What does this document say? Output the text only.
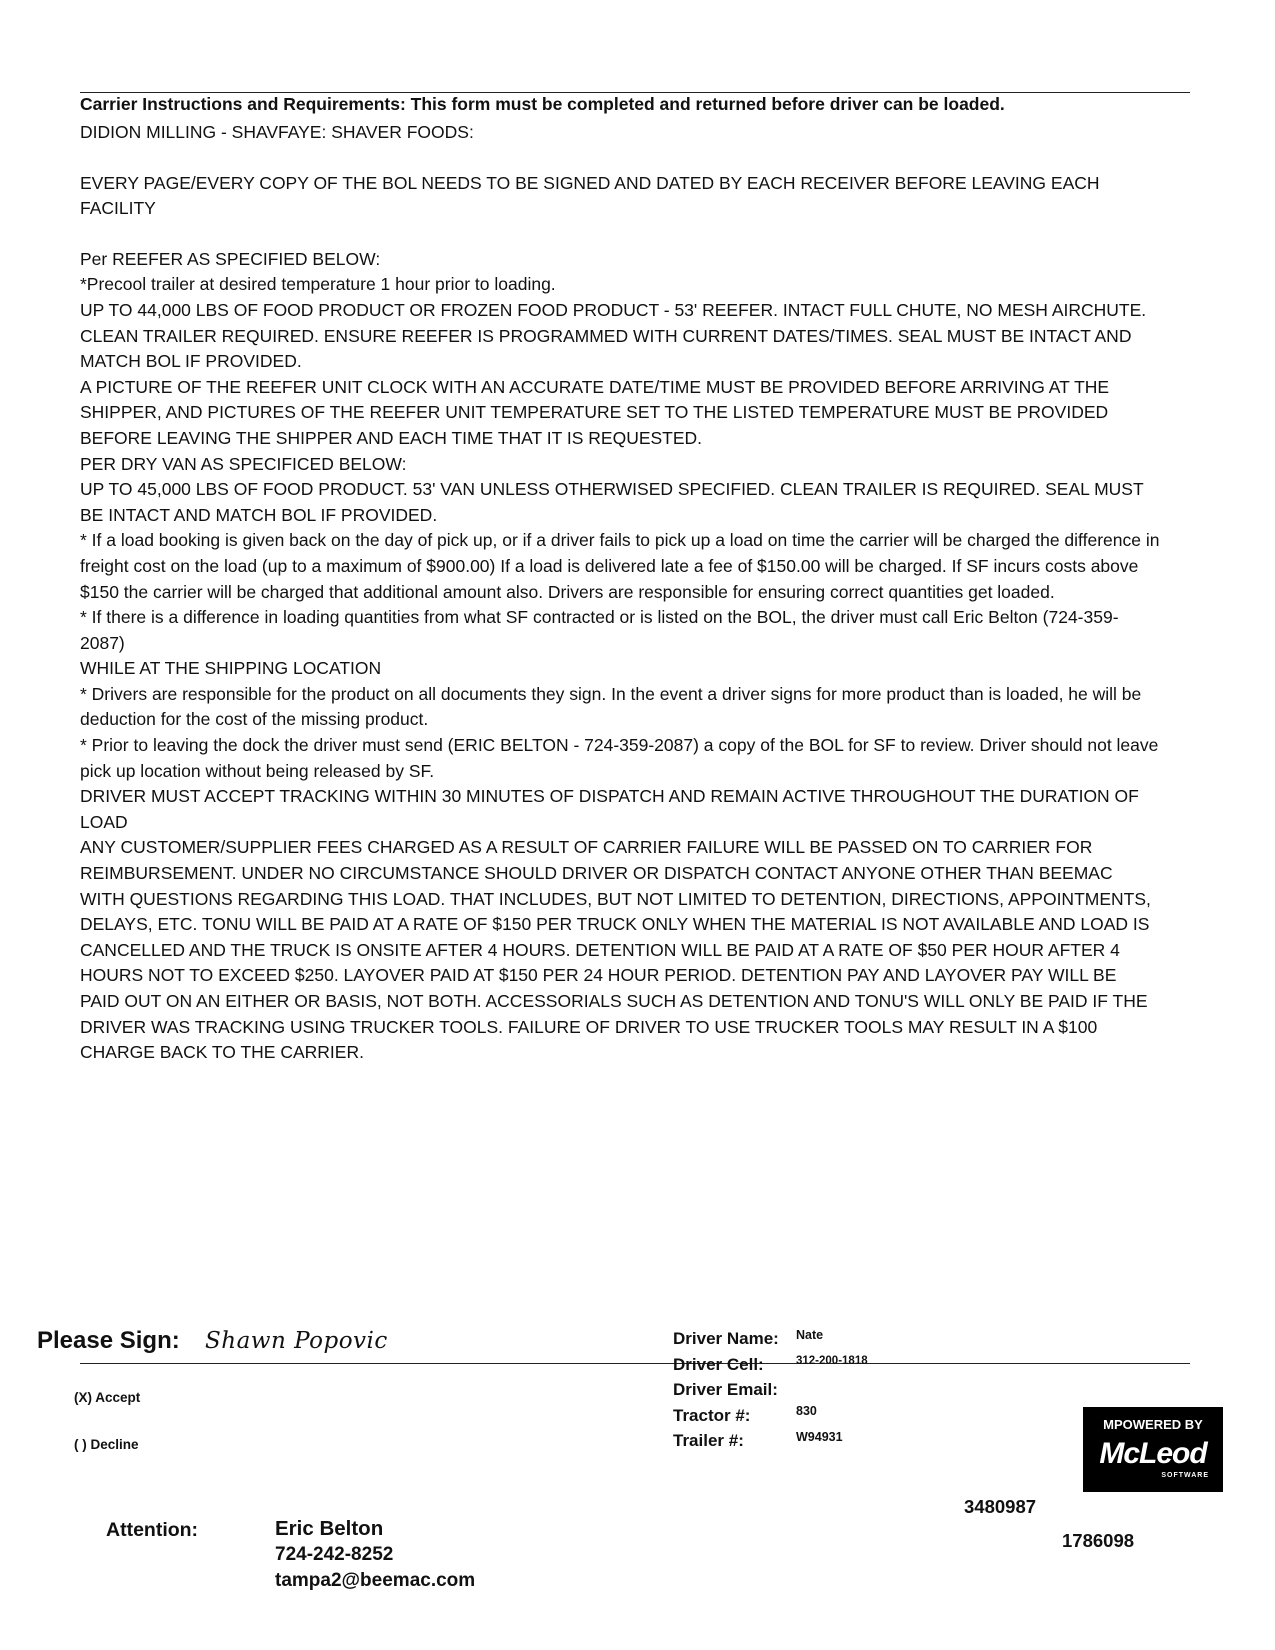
Carrier Instructions and Requirements: This form must be completed and returned before driver can be loaded.

DIDION MILLING - SHAVFAYE: SHAVER FOODS:

EVERY PAGE/EVERY COPY OF THE BOL NEEDS TO BE SIGNED AND DATED BY EACH RECEIVER BEFORE LEAVING EACH FACILITY

Per REEFER AS SPECIFIED BELOW:

*Precool trailer at desired temperature 1 hour prior to loading.

UP TO 44,000 LBS OF FOOD PRODUCT OR FROZEN FOOD PRODUCT - 53' REEFER. INTACT FULL CHUTE, NO MESH AIRCHUTE. CLEAN TRAILER REQUIRED. ENSURE REEFER IS PROGRAMMED WITH CURRENT DATES/TIMES. SEAL MUST BE INTACT AND MATCH BOL IF PROVIDED.

A PICTURE OF THE REEFER UNIT CLOCK WITH AN ACCURATE DATE/TIME MUST BE PROVIDED BEFORE ARRIVING AT THE SHIPPER, AND PICTURES OF THE REEFER UNIT TEMPERATURE SET TO THE LISTED TEMPERATURE MUST BE PROVIDED BEFORE LEAVING THE SHIPPER AND EACH TIME THAT IT IS REQUESTED.

PER DRY VAN AS SPECIFICED BELOW:

UP TO 45,000 LBS OF FOOD PRODUCT. 53' VAN UNLESS OTHERWISED SPECIFIED. CLEAN TRAILER IS REQUIRED. SEAL MUST BE INTACT AND MATCH BOL IF PROVIDED.

* If a load booking is given back on the day of pick up, or if a driver fails to pick up a load on time the carrier will be charged the difference in freight cost on the load (up to a maximum of $900.00) If a load is delivered late a fee of $150.00 will be charged. If SF incurs costs above $150 the carrier will be charged that additional amount also. Drivers are responsible for ensuring correct quantities get loaded.

* If there is a difference in loading quantities from what SF contracted or is listed on the BOL, the driver must call Eric Belton (724-359-2087)

WHILE AT THE SHIPPING LOCATION

* Drivers are responsible for the product on all documents they sign. In the event a driver signs for more product than is loaded, he will be deduction for the cost of the missing product.

* Prior to leaving the dock the driver must send (ERIC BELTON - 724-359-2087) a copy of the BOL for SF to review. Driver should not leave pick up location without being released by SF.

DRIVER MUST ACCEPT TRACKING WITHIN 30 MINUTES OF DISPATCH AND REMAIN ACTIVE THROUGHOUT THE DURATION OF LOAD

ANY CUSTOMER/SUPPLIER FEES CHARGED AS A RESULT OF CARRIER FAILURE WILL BE PASSED ON TO CARRIER FOR REIMBURSEMENT. UNDER NO CIRCUMSTANCE SHOULD DRIVER OR DISPATCH CONTACT ANYONE OTHER THAN BEEMAC WITH QUESTIONS REGARDING THIS LOAD. THAT INCLUDES, BUT NOT LIMITED TO DETENTION, DIRECTIONS, APPOINTMENTS, DELAYS, ETC. TONU WILL BE PAID AT A RATE OF $150 PER TRUCK ONLY WHEN THE MATERIAL IS NOT AVAILABLE AND LOAD IS CANCELLED AND THE TRUCK IS ONSITE AFTER 4 HOURS. DETENTION WILL BE PAID AT A RATE OF $50 PER HOUR AFTER 4 HOURS NOT TO EXCEED $250. LAYOVER PAID AT $150 PER 24 HOUR PERIOD. DETENTION PAY AND LAYOVER PAY WILL BE PAID OUT ON AN EITHER OR BASIS, NOT BOTH. ACCESSORIALS SUCH AS DETENTION AND TONU'S WILL ONLY BE PAID IF THE DRIVER WAS TRACKING USING TRUCKER TOOLS. FAILURE OF DRIVER TO USE TRUCKER TOOLS MAY RESULT IN A $100 CHARGE BACK TO THE CARRIER.

Please Sign: Shawn Popovic
(X) Accept
( ) Decline
Driver Name: Nate
Driver Cell:	312-200-1818
Driver Email:
Tractor #:	830
Trailer #:	W94931
MPOWERED BY
McLeod
SOFTWARE
Attention:	Eric Belton
724-242-8252
tampa2@beemac.com
3480987
1786098
